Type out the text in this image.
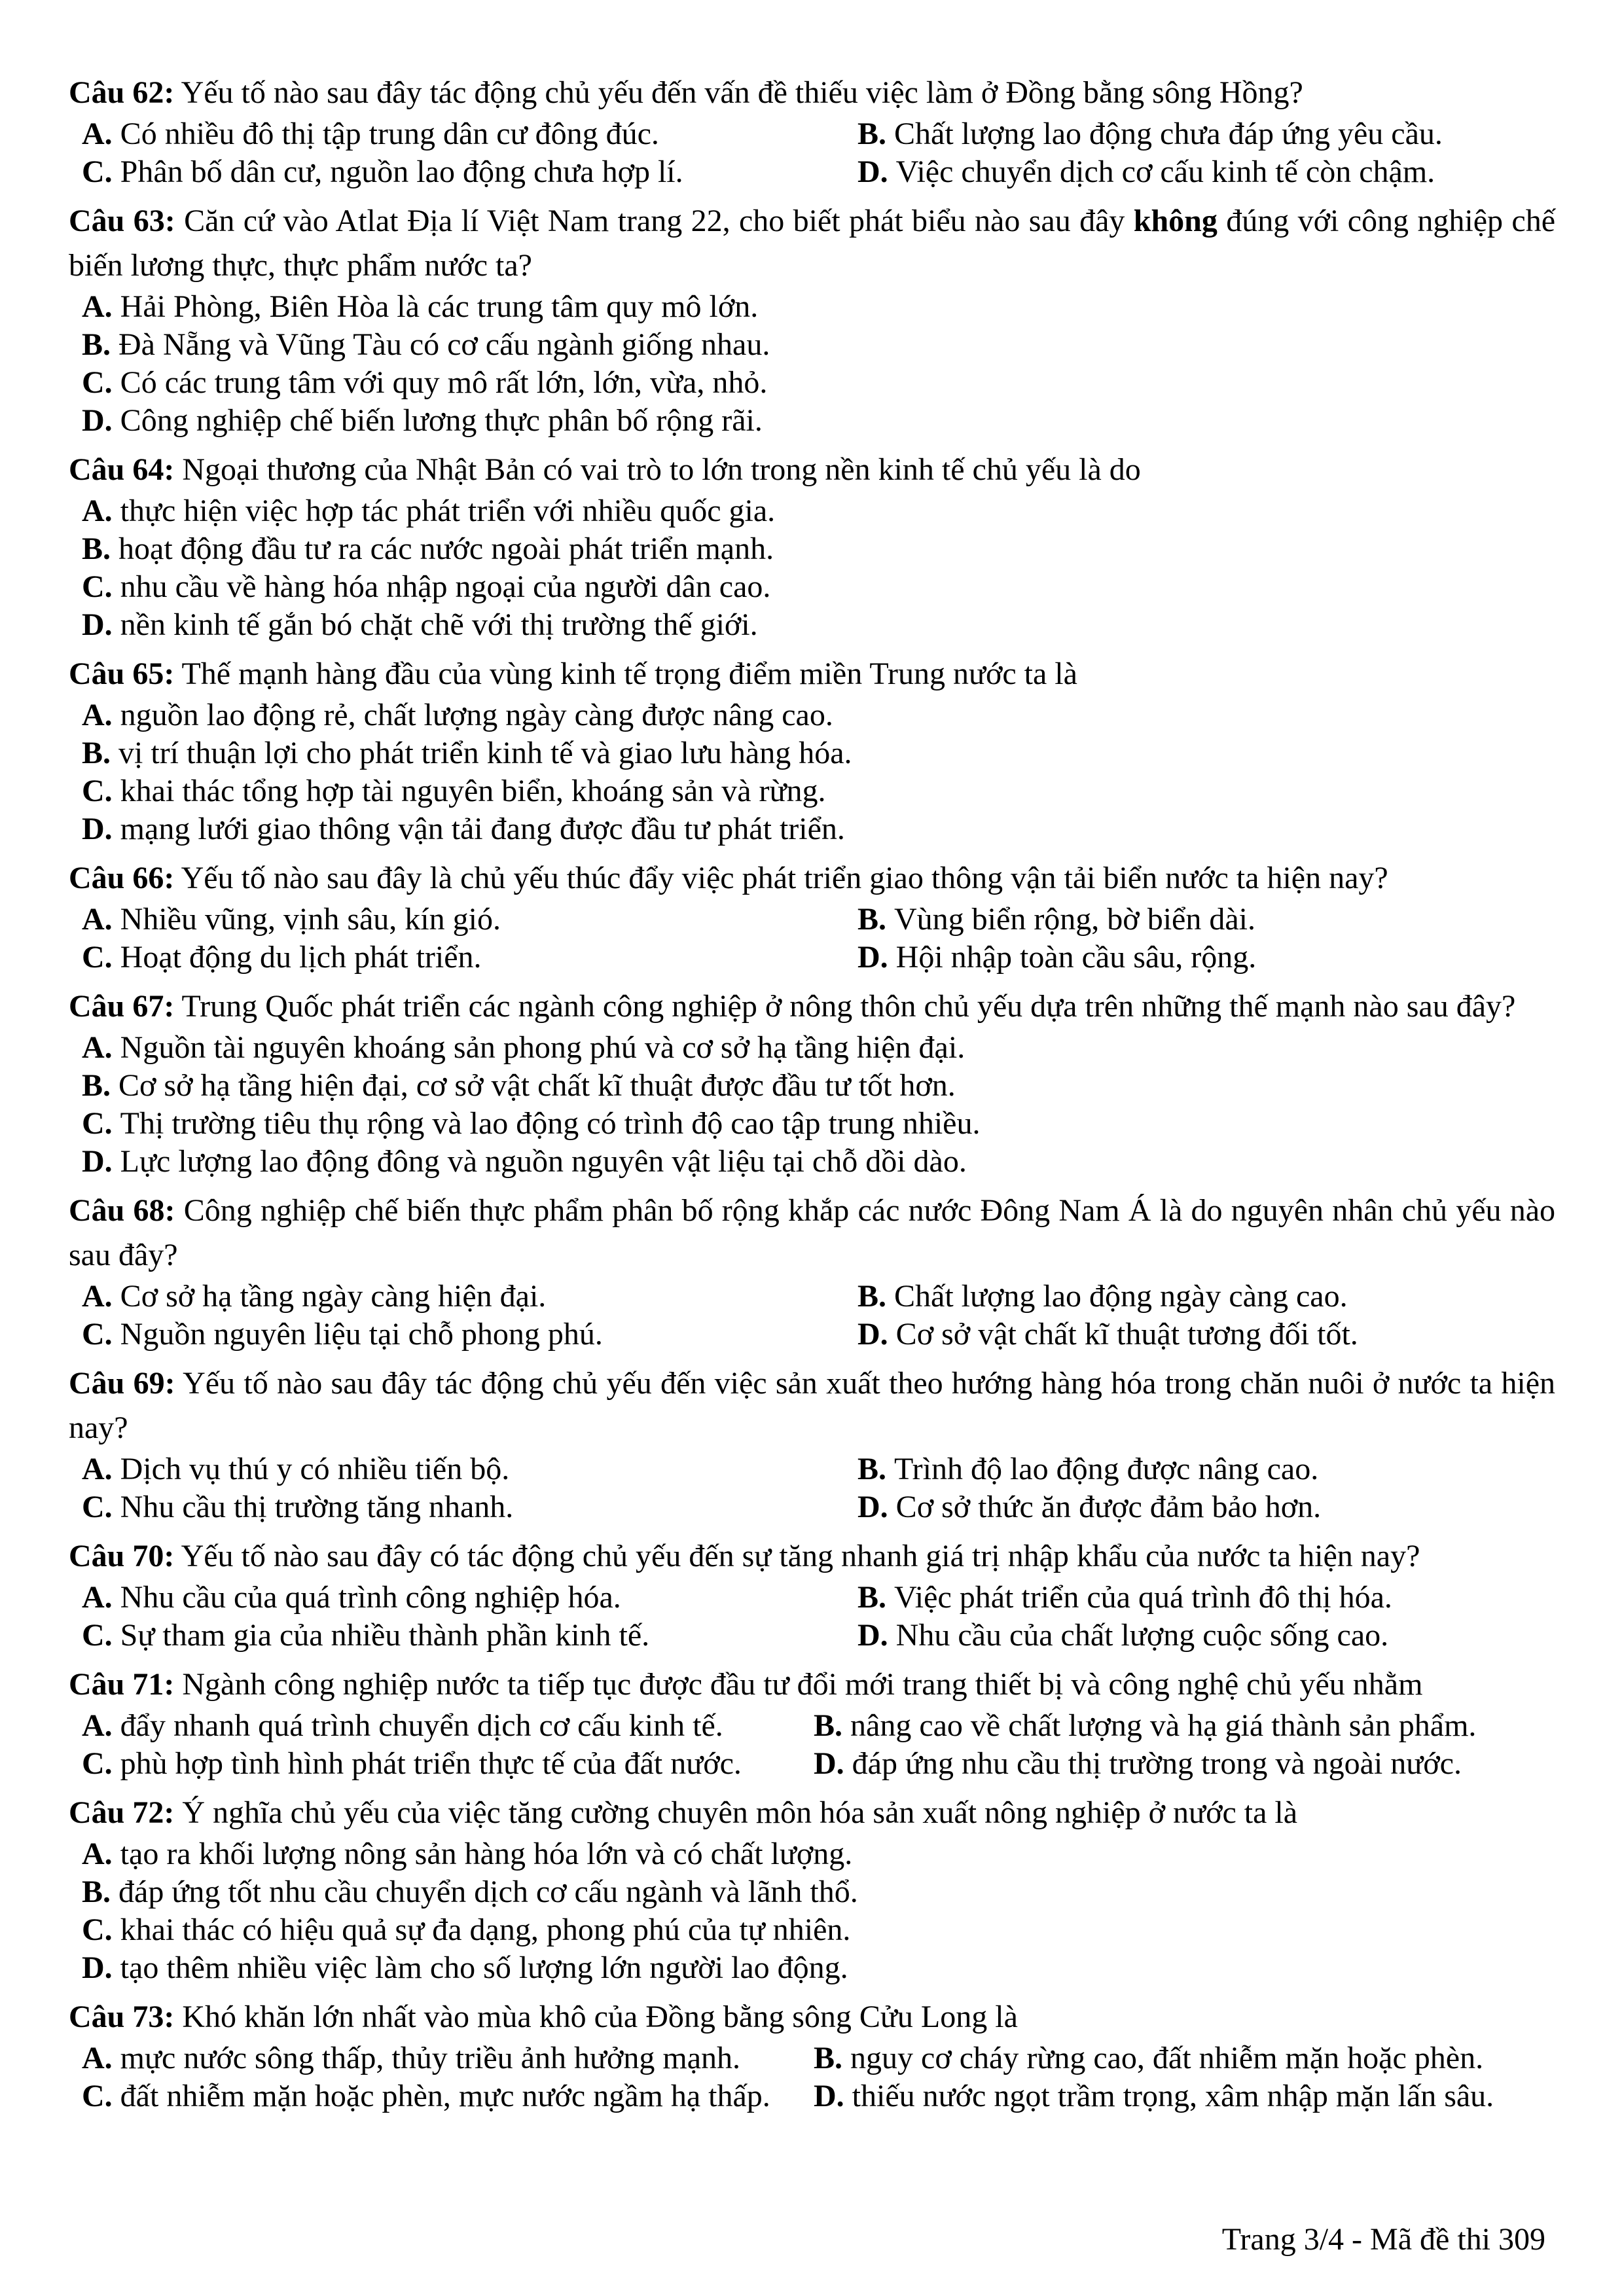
Câu 62: Yếu tố nào sau đây tác động chủ yếu đến vấn đề thiếu việc làm ở Đồng bằng sông Hồng?

A. Có nhiều đô thị tập trung dân cư đông đúc.	B. Chất lượng lao động chưa đáp ứng yêu cầu.
C. Phân bố dân cư, nguồn lao động chưa hợp lí.	D. Việc chuyển dịch cơ cấu kinh tế còn chậm.

Câu 63: Căn cứ vào Atlat Địa lí Việt Nam trang 22, cho biết phát biểu nào sau đây không đúng với công nghiệp chế biến lương thực, thực phẩm nước ta?

A. Hải Phòng, Biên Hòa là các trung tâm quy mô lớn.
B. Đà Nẵng và Vũng Tàu có cơ cấu ngành giống nhau.
C. Có các trung tâm với quy mô rất lớn, lớn, vừa, nhỏ.
D. Công nghiệp chế biến lương thực phân bố rộng rãi.

Câu 64: Ngoại thương của Nhật Bản có vai trò to lớn trong nền kinh tế chủ yếu là do

A. thực hiện việc hợp tác phát triển với nhiều quốc gia.
B. hoạt động đầu tư ra các nước ngoài phát triển mạnh.
C. nhu cầu về hàng hóa nhập ngoại của người dân cao.
D. nền kinh tế gắn bó chặt chẽ với thị trường thế giới.

Câu 65: Thế mạnh hàng đầu của vùng kinh tế trọng điểm miền Trung nước ta là

A. nguồn lao động rẻ, chất lượng ngày càng được nâng cao.
B. vị trí thuận lợi cho phát triển kinh tế và giao lưu hàng hóa.
C. khai thác tổng hợp tài nguyên biển, khoáng sản và rừng.
D. mạng lưới giao thông vận tải đang được đầu tư phát triển.

Câu 66: Yếu tố nào sau đây là chủ yếu thúc đẩy việc phát triển giao thông vận tải biển nước ta hiện nay?

A. Nhiều vũng, vịnh sâu, kín gió.	B. Vùng biển rộng, bờ biển dài.
C. Hoạt động du lịch phát triển.	D. Hội nhập toàn cầu sâu, rộng.

Câu 67: Trung Quốc phát triển các ngành công nghiệp ở nông thôn chủ yếu dựa trên những thế mạnh nào sau đây?

A. Nguồn tài nguyên khoáng sản phong phú và cơ sở hạ tầng hiện đại.
B. Cơ sở hạ tầng hiện đại, cơ sở vật chất kĩ thuật được đầu tư tốt hơn.
C. Thị trường tiêu thụ rộng và lao động có trình độ cao tập trung nhiều.
D. Lực lượng lao động đông và nguồn nguyên vật liệu tại chỗ dồi dào.

Câu 68: Công nghiệp chế biến thực phẩm phân bố rộng khắp các nước Đông Nam Á là do nguyên nhân chủ yếu nào sau đây?

A. Cơ sở hạ tầng ngày càng hiện đại.	B. Chất lượng lao động ngày càng cao.
C. Nguồn nguyên liệu tại chỗ phong phú.	D. Cơ sở vật chất kĩ thuật tương đối tốt.

Câu 69: Yếu tố nào sau đây tác động chủ yếu đến việc sản xuất theo hướng hàng hóa trong chăn nuôi ở nước ta hiện nay?

A. Dịch vụ thú y có nhiều tiến bộ.	B. Trình độ lao động được nâng cao.
C. Nhu cầu thị trường tăng nhanh.	D. Cơ sở thức ăn được đảm bảo hơn.

Câu 70: Yếu tố nào sau đây có tác động chủ yếu đến sự tăng nhanh giá trị nhập khẩu của nước ta hiện nay?

A. Nhu cầu của quá trình công nghiệp hóa.	B. Việc phát triển của quá trình đô thị hóa.
C. Sự tham gia của nhiều thành phần kinh tế.	D. Nhu cầu của chất lượng cuộc sống cao.

Câu 71: Ngành công nghiệp nước ta tiếp tục được đầu tư đổi mới trang thiết bị và công nghệ chủ yếu nhằm

A. đẩy nhanh quá trình chuyển dịch cơ cấu kinh tế.	B. nâng cao về chất lượng và hạ giá thành sản phẩm.
C. phù hợp tình hình phát triển thực tế của đất nước.	D. đáp ứng nhu cầu thị trường trong và ngoài nước.

Câu 72: Ý nghĩa chủ yếu của việc tăng cường chuyên môn hóa sản xuất nông nghiệp ở nước ta là

A. tạo ra khối lượng nông sản hàng hóa lớn và có chất lượng.
B. đáp ứng tốt nhu cầu chuyển dịch cơ cấu ngành và lãnh thổ.
C. khai thác có hiệu quả sự đa dạng, phong phú của tự nhiên.
D. tạo thêm nhiều việc làm cho số lượng lớn người lao động.

Câu 73: Khó khăn lớn nhất vào mùa khô của Đồng bằng sông Cửu Long là

A. mực nước sông thấp, thủy triều ảnh hưởng mạnh.	B. nguy cơ cháy rừng cao, đất nhiễm mặn hoặc phèn.
C. đất nhiễm mặn hoặc phèn, mực nước ngầm hạ thấp.	D. thiếu nước ngọt trầm trọng, xâm nhập mặn lấn sâu.
Trang 3/4 - Mã đề thi 309
